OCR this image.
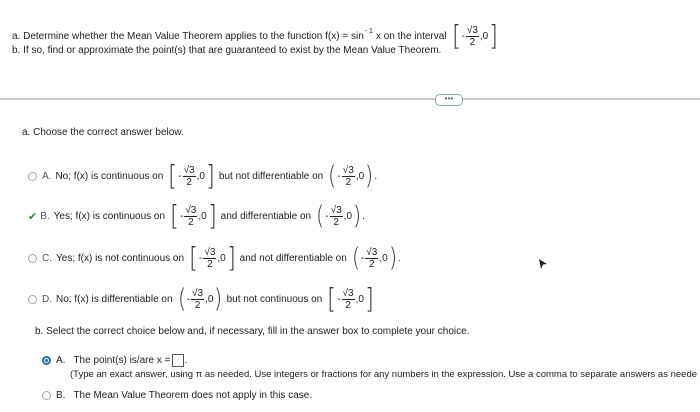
a. Determine whether the Mean Value Theorem applies to the function $f(x) = \sin^{- 1} x$ on the interval [ - $\frac{√3}{2} ,0$ ]
b. If so, find or approximate the point(s) that are guaranteed to exist by the Mean Value Theorem.
•••
a. Choose the correct answer below.
A. No; f(x) is continuous on [ - $\frac{√3}{2} ,0$ ] but not differentiable on ( - $\frac{√3}{2} ,0$ ) .
✔ B. Yes; f(x) is continuous on [ - $\frac{√3}{2} ,0$ ] and differentiable on ( - $\frac{√3}{2} ,0$ ) .
C. Yes; f(x) is not continuous on [ - $\frac{√3}{2} ,0$ ] and not differentiable on ( - $\frac{√3}{2} ,0$ ) .
D. No; f(x) is differentiable on ( - $\frac{√3}{2} ,0$ ) but not continuous on [ - $\frac{√3}{2} ,0$ ]
b. Select the correct choice below and, if necessary, fill in the answer box to complete your choice.
A. The point(s) is/are x = .
(Type an exact answer, using π as needed. Use integers or fractions for any numbers in the expression. Use a comma to separate answers as neede
B. The Mean Value Theorem does not apply in this case.
